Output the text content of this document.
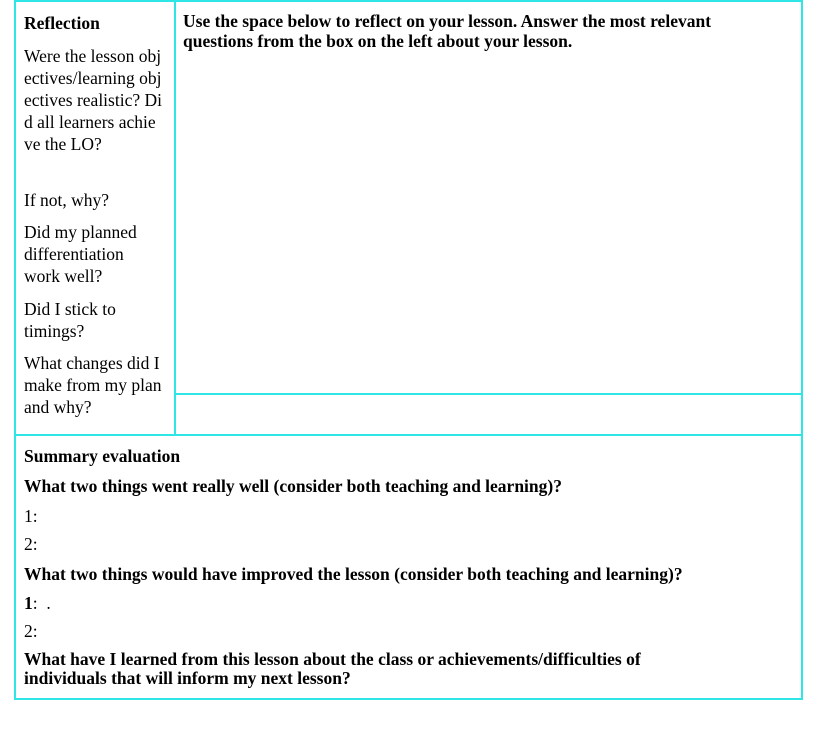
Reflection

Were the lesson objectives/learning objectives realistic? Did all learners achieve the LO?

If not, why?

Did my planned differentiation work well?

Did I stick to timings?

What changes did I make from my plan and why?

Use the space below to reflect on your lesson. Answer the most relevant questions from the box on the left about your lesson.

Summary evaluation

What two things went really well (consider both teaching and learning)?

1:

2:

What two things would have improved the lesson (consider both teaching and learning)?

1:  .

2:

What have I learned from this lesson about the class or achievements/difficulties of individuals that will inform my next lesson?
